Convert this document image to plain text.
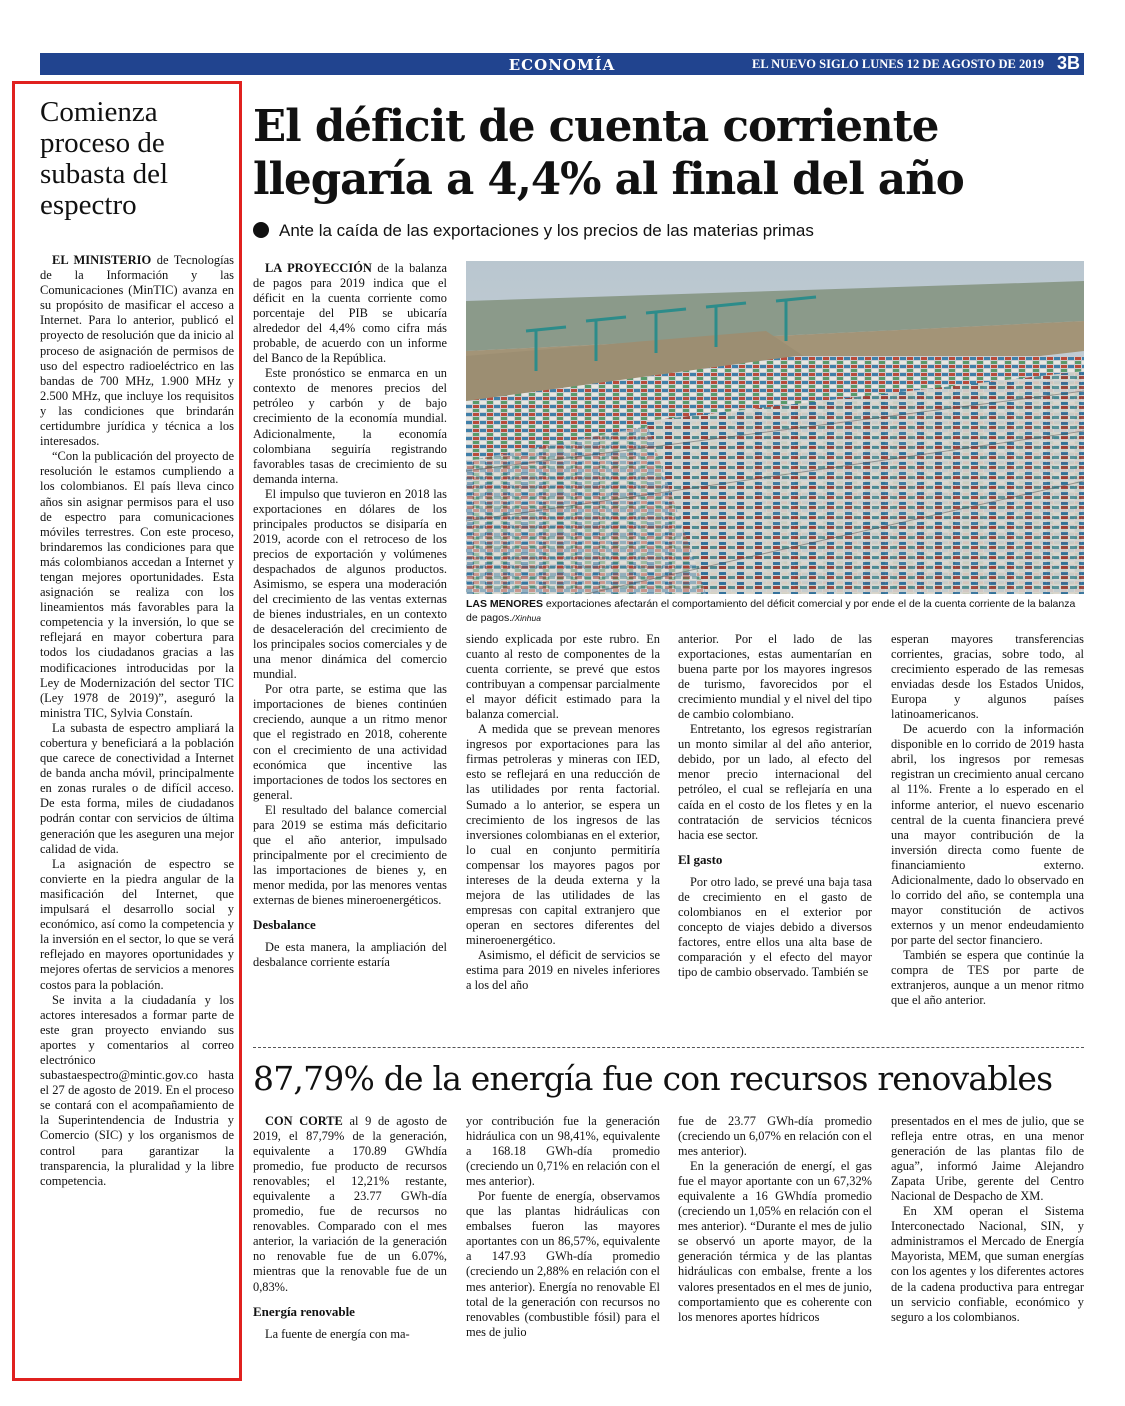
ECONOMÍA	EL NUEVO SIGLO LUNES 12 DE AGOSTO DE 2019 3B
Comienza proceso de subasta del espectro

EL MINISTERIO de Tecnologías de la Información y las Comunicaciones (MinTIC) avanza en su propósito de masificar el acceso a Internet. Para lo anterior, publicó el proyecto de resolución que da inicio al proceso de asignación de permisos de uso del espectro radioeléctrico en las bandas de 700 MHz, 1.900 MHz y 2.500 MHz, que incluye los requisitos y las condiciones que brindarán certidumbre jurídica y técnica a los interesados.

“Con la publicación del proyecto de resolución le estamos cumpliendo a los colombianos. El país lleva cinco años sin asignar permisos para el uso de espectro para comunicaciones móviles terrestres. Con este proceso, brindaremos las condiciones para que más colombianos accedan a Internet y tengan mejores oportunidades. Esta asignación se realiza con los lineamientos más favorables para la competencia y la inversión, lo que se reflejará en mayor cobertura para todos los ciudadanos gracias a las modificaciones introducidas por la Ley de Modernización del sector TIC (Ley 1978 de 2019)”, aseguró la ministra TIC, Sylvia Constaín.

La subasta de espectro ampliará la cobertura y beneficiará a la población que carece de conectividad a Internet de banda ancha móvil, principalmente en zonas rurales o de difícil acceso. De esta forma, miles de ciudadanos podrán contar con servicios de última generación que les aseguren una mejor calidad de vida.

La asignación de espectro se convierte en la piedra angular de la masificación del Internet, que impulsará el desarrollo social y económico, así como la competencia y la inversión en el sector, lo que se verá reflejado en mayores oportunidades y mejores ofertas de servicios a menores costos para la población.

Se invita a la ciudadanía y los actores interesados a formar parte de este gran proyecto enviando sus aportes y comentarios al correo electrónico subastaespectro@mintic.gov.co hasta el 27 de agosto de 2019. En el proceso se contará con el acompañamiento de la Superintendencia de Industria y Comercio (SIC) y los organismos de control para garantizar la transparencia, la pluralidad y la libre competencia.

El déficit de cuenta corriente llegaría a 4,4% al final del año
Ante la caída de las exportaciones y los precios de las materias primas

LA PROYECCIÓN de la balanza de pagos para 2019 indica que el déficit en la cuenta corriente como porcentaje del PIB se ubicaría alrededor del 4,4% como cifra más probable, de acuerdo con un informe del Banco de la República.

Este pronóstico se enmarca en un contexto de menores precios del petróleo y carbón y de bajo crecimiento de la economía mundial. Adicionalmente, la economía colombiana seguiría registrando favorables tasas de crecimiento de su demanda interna.

El impulso que tuvieron en 2018 las exportaciones en dólares de los principales productos se disiparía en 2019, acorde con el retroceso de los precios de exportación y volúmenes despachados de algunos productos. Asimismo, se espera una moderación del crecimiento de las ventas externas de bienes industriales, en un contexto de desaceleración del crecimiento de los principales socios comerciales y de una menor dinámica del comercio mundial.

Por otra parte, se estima que las importaciones de bienes continúen creciendo, aunque a un ritmo menor que el registrado en 2018, coherente con el crecimiento de una actividad económica que incentive las importaciones de todos los sectores en general.

El resultado del balance comercial para 2019 se estima más deficitario que el año anterior, impulsado principalmente por el crecimiento de las importaciones de bienes y, en menor medida, por las menores ventas externas de bienes mineroenergéticos.

Desbalance

De esta manera, la ampliación del desbalance corriente estaría

LAS MENORES exportaciones afectarán el comportamiento del déficit comercial y por ende el de la cuenta corriente de la balanza de pagos./Xinhua

siendo explicada por este rubro. En cuanto al resto de componentes de la cuenta corriente, se prevé que estos contribuyan a compensar parcialmente el mayor déficit estimado para la balanza comercial.

A medida que se prevean menores ingresos por exportaciones para las firmas petroleras y mineras con IED, esto se reflejará en una reducción de las utilidades por renta factorial. Sumado a lo anterior, se espera un crecimiento de los ingresos de las inversiones colombianas en el exterior, lo cual en conjunto permitiría compensar los mayores pagos por intereses de la deuda externa y la mejora de las utilidades de las empresas con capital extranjero que operan en sectores diferentes del mineroenergético.

Asimismo, el déficit de servicios se estima para 2019 en niveles inferiores a los del año

anterior. Por el lado de las exportaciones, estas aumentarían en buena parte por los mayores ingresos de turismo, favorecidos por el crecimiento mundial y el nivel del tipo de cambio colombiano.

Entretanto, los egresos registrarían un monto similar al del año anterior, debido, por un lado, al efecto del menor precio internacional del petróleo, el cual se reflejaría en una caída en el costo de los fletes y en la contratación de servicios técnicos hacia ese sector.

El gasto

Por otro lado, se prevé una baja tasa de crecimiento en el gasto de colombianos en el exterior por concepto de viajes debido a diversos factores, entre ellos una alta base de comparación y el efecto del mayor tipo de cambio observado. También se

esperan mayores transferencias corrientes, gracias, sobre todo, al crecimiento esperado de las remesas enviadas desde los Estados Unidos, Europa y algunos países latinoamericanos.

De acuerdo con la información disponible en lo corrido de 2019 hasta abril, los ingresos por remesas registran un crecimiento anual cercano al 11%. Frente a lo esperado en el informe anterior, el nuevo escenario central de la cuenta financiera prevé una mayor contribución de la inversión directa como fuente de financiamiento externo. Adicionalmente, dado lo observado en lo corrido del año, se contempla una mayor constitución de activos externos y un menor endeudamiento por parte del sector financiero.

También se espera que continúe la compra de TES por parte de extranjeros, aunque a un menor ritmo que el año anterior.

87,79% de la energía fue con recursos renovables

CON CORTE al 9 de agosto de 2019, el 87,79% de la generación, equivalente a 170.89 GWhdía promedio, fue producto de recursos renovables; el 12,21% restante, equivalente a 23.77 GWh-día promedio, fue de recursos no renovables. Comparado con el mes anterior, la variación de la generación no renovable fue de un 6.07%, mientras que la renovable fue de un 0,83%.

Energía renovable

La fuente de energía con ma-

yor contribución fue la generación hidráulica con un 98,41%, equivalente a 168.18 GWh-día promedio (creciendo un 0,71% en relación con el mes anterior).

Por fuente de energía, observamos que las plantas hidráulicas con embalses fueron las mayores aportantes con un 86,57%, equivalente a 147.93 GWh-día promedio (creciendo un 2,88% en relación con el mes anterior). Energía no renovable El total de la generación con recursos no renovables (combustible fósil) para el mes de julio

fue de 23.77 GWh-día promedio (creciendo un 6,07% en relación con el mes anterior).

En la generación de energí, el gas fue el mayor aportante con un 67,32% equivalente a 16 GWhdía promedio (creciendo un 1,05% en relación con el mes anterior). “Durante el mes de julio se observó un aporte mayor, de la generación térmica y de las plantas hidráulicas con embalse, frente a los valores presentados en el mes de junio, comportamiento que es coherente con los menores aportes hídricos

presentados en el mes de julio, que se refleja entre otras, en una menor generación de las plantas filo de agua”, informó Jaime Alejandro Zapata Uribe, gerente del Centro Nacional de Despacho de XM.

En XM operan el Sistema Interconectado Nacional, SIN, y administramos el Mercado de Energía Mayorista, MEM, que suman energías con los agentes y los diferentes actores de la cadena productiva para entregar un servicio confiable, económico y seguro a los colombianos.
